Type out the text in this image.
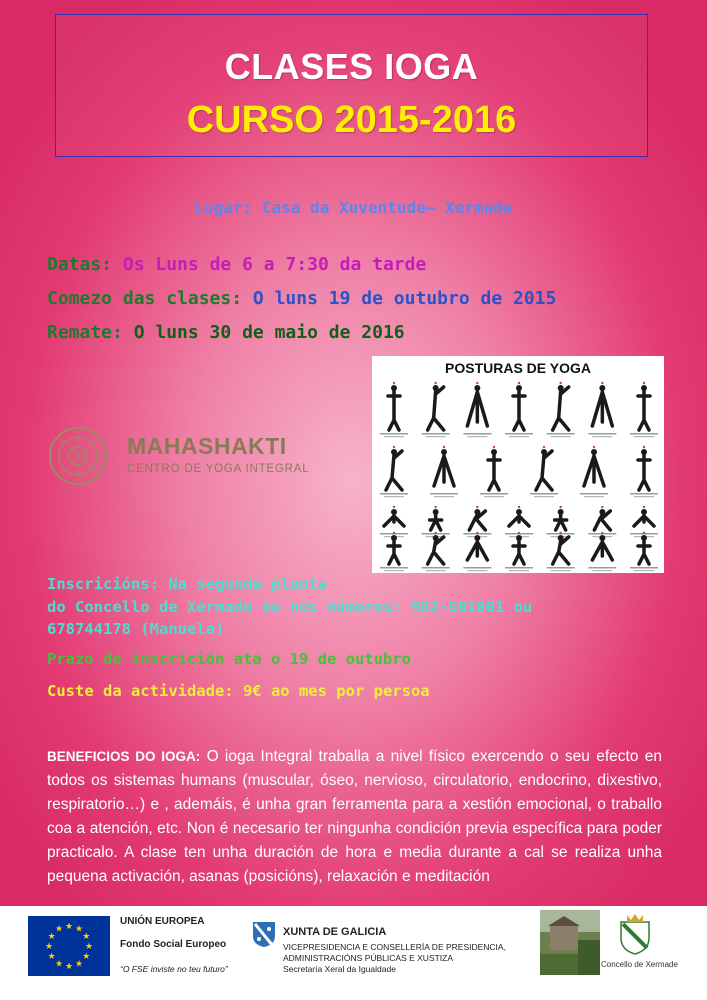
CLASES IOGA
CURSO 2015-2016
Lugar: Casa da Xuventude– Xermade
Datas: Os Luns de 6 a 7:30 da tarde
Comezo das clases: O luns 19 de outubro de 2015
Remate: O luns 30 de maio de 2016
POSTURAS DE YOGA
MAHASHAKTI
CENTRO DE YOGA INTEGRAL
Inscricións: Na segunda planta
do Concello de Xermade ou nos números: 982-501001 ou
678744178 (Manuela)
Prazo de inscrición ata o 19 de outubro
Custe da actividade: 9€ ao mes por persoa
BENEFICIOS DO IOGA: O ioga Integral traballa a nivel físico exercendo o seu efecto en todos os sistemas humans (muscular, óseo, nervioso, circulatorio, endocrino, dixestivo, respiratorio…) e , ademáis, é unha gran ferramenta para a xestión emocional, o traballo coa a atención, etc. Non é necesario ter ningunha condición previa específica para poder practicalo. A clase ten unha duración de hora e media durante a cal se realiza unha pequena activación, asanas (posicións), relaxación e meditación
★ ★
★
★
★
★
★
★
★
★
★
★
UNIÓN EUROPEA
Fondo Social Europeo
“O FSE inviste no teu futuro”
XUNTA DE GALICIA
VICEPRESIDENCIA E CONSELLERÍA DE PRESIDENCIA,
ADMINISTRACIÓNS PÚBLICAS E XUSTIZA
Secretaría Xeral da Igualdade	Concello de Xermade
